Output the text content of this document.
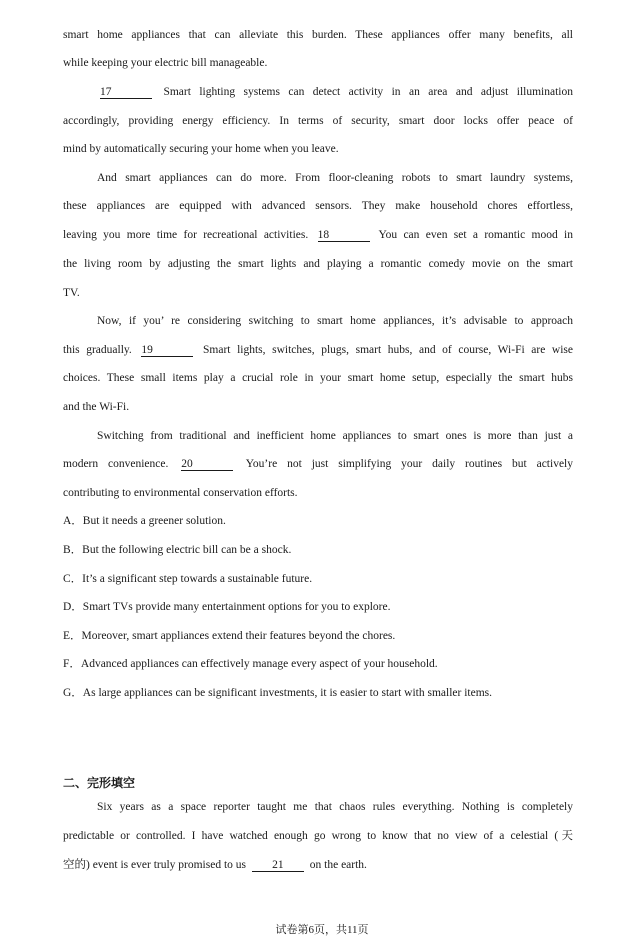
smart home appliances that can alleviate this burden. These appliances offer many benefits, all
while keeping your electric bill manageable.
17	Smart lighting systems can detect activity in an area and adjust illumination
accordingly, providing energy efficiency. In terms of security, smart door locks offer peace of
mind by automatically securing your home when you leave.
And smart appliances can do more. From floor-cleaning robots to smart laundry systems,
these appliances are equipped with advanced sensors. They make household chores effortless,
leaving you more time for recreational activities. 18	You can even set a romantic mood in
the living room by adjusting the smart lights and playing a romantic comedy movie on the smart
TV.
Now, if you’ re considering switching to smart home appliances, it’s advisable to approach
this gradually. 19	Smart lights, switches, plugs, smart hubs, and of course, Wi-Fi are wise
choices. These small items play a crucial role in your smart home setup, especially the smart hubs
and the Wi-Fi.
Switching from traditional and inefficient home appliances to smart ones is more than just a
modern convenience. 20	You’re not just simplifying your daily routines but actively
contributing to environmental conservation efforts.
A．But it needs a greener solution.
B．But the following electric bill can be a shock.
C．It’s a significant step towards a sustainable future.
D．Smart TVs provide many entertainment options for you to explore.
E．Moreover, smart appliances extend their features beyond the chores.
F．Advanced appliances can effectively manage every aspect of your household.
G．As large appliances can be significant investments, it is easier to start with smaller items.
二、完形填空
Six years as a space reporter taught me that chaos rules everything. Nothing is completely
predictable or controlled. I have watched enough go wrong to know that no view of a celestial (天
空的) event is ever truly promised to us 21 on the earth.
试卷第6页，共11页
